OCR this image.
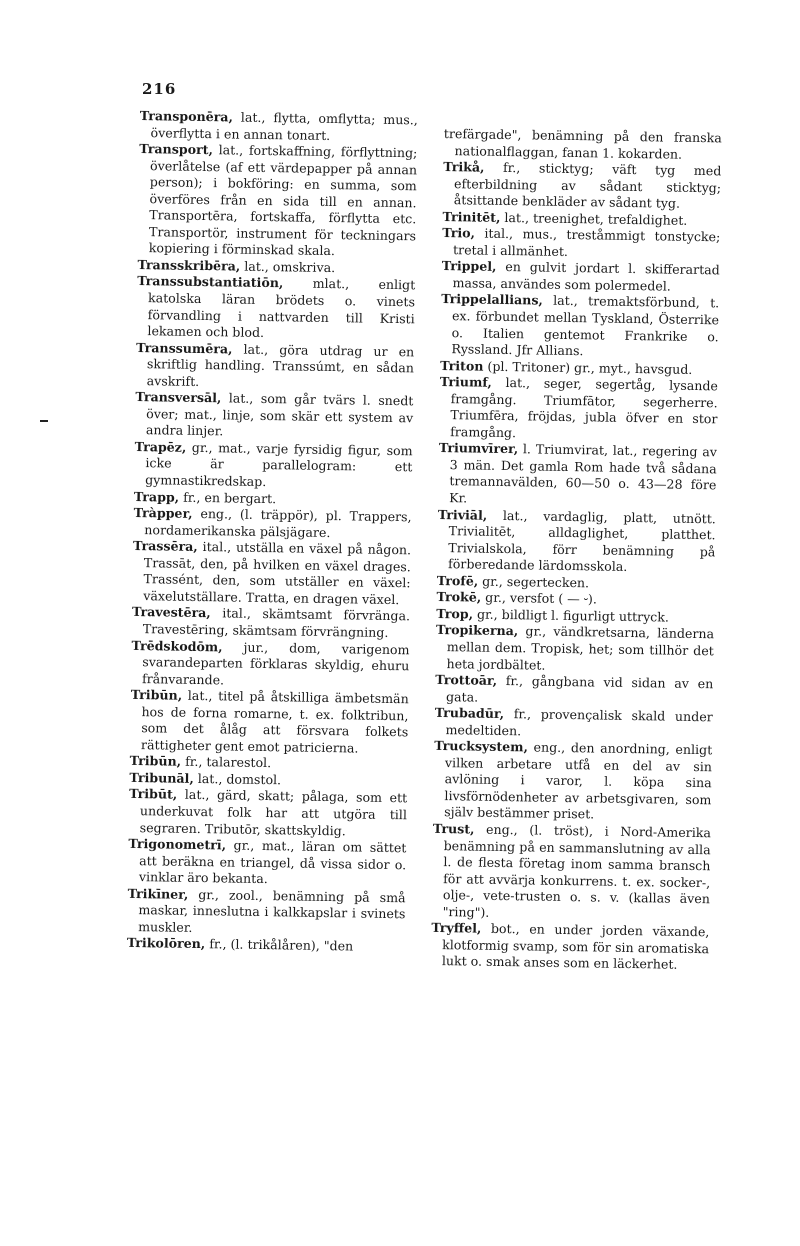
216

Transponēra, lat., flytta, omflytta; mus., överflytta i en annan tonart.

Transport, lat., fortskaffning, förflyttning; överlåtelse (af ett värdepapper på annan person); i bokföring: en summa, som överföres från en sida till en annan. Transportēra, fortskaffa, förflytta etc. Transportör, instrument för teckningars kopiering i förminskad skala.

Transskribēra, lat., omskriva.

Transsubstantiatiōn, mlat., enligt katolska läran brödets o. vinets förvandling i nattvarden till Kristi lekamen och blod.

Transsumēra, lat., göra utdrag ur en skriftlig handling. Transsúmt, en sådan avskrift.

Transversāl, lat., som går tvärs l. snedt över; mat., linje, som skär ett system av andra linjer.

Trapēz, gr., mat., varje fyrsidig figur, som icke är parallelogram: ett gymnastikredskap.

Trapp, fr., en bergart.

Tràpper, eng., (l. träppör), pl. Trappers, nordamerikanska pälsjägare.

Trassēra, ital., utställa en växel på någon. Trassāt, den, på hvilken en växel drages. Trassént, den, som utställer en växel: växelutställare. Tratta, en dragen växel.

Travestēra, ital., skämtsamt förvränga. Travestēring, skämtsam förvrängning.

Trēdskodōm, jur., dom, varigenom svarandeparten förklaras skyldig, ehuru frånvarande.

Tribūn, lat., titel på åtskilliga ämbetsmän hos de forna romarne, t. ex. folktribun, som det ålåg att försvara folkets rättigheter gent emot patricierna.

Tribūn, fr., talarestol.

Tribunāl, lat., domstol.

Tribūt, lat., gärd, skatt; pålaga, som ett underkuvat folk har att utgöra till segraren. Tributōr, skattskyldig.

Trigonometrī, gr., mat., läran om sättet att beräkna en triangel, då vissa sidor o. vinklar äro bekanta.

Trikīner, gr., zool., benämning på små maskar, inneslutna i kalkkapslar i svinets muskler.

Trikolōren, fr., (l. trikålåren), "den

trefärgade", benämning på den franska nationalflaggan, fanan 1. kokarden.

Trikå, fr., sticktyg; väft tyg med efterbildning av sådant sticktyg; åtsittande benkläder av sådant tyg.

Trinitēt, lat., treenighet, trefaldighet.

Trio, ital., mus., treståmmigt tonstycke; tretal i allmänhet.

Trippel, en gulvit jordart l. skifferartad massa, användes som polermedel.

Trippelallians, lat., tremaktsförbund, t. ex. förbundet mellan Tyskland, Österrike o. Italien gentemot Frankrike o. Ryssland. Jfr Allians.

Triton (pl. Tritoner) gr., myt., havsgud.

Triumf, lat., seger, segertåg, lysande framgång. Triumfātor, segerherre. Triumfēra, fröjdas, jubla öfver en stor framgång.

Triumvīrer, l. Triumvirat, lat., regering av 3 män. Det gamla Rom hade två sådana tremannavälden, 60—50 o. 43—28 före Kr.

Triviāl, lat., vardaglig, platt, utnött. Trivialitēt, alldaglighet, platthet. Trivialskola, förr benämning på förberedande lärdomsskola.

Trofē, gr., segertecken.

Trokē, gr., versfot ( — ⏑).

Trop, gr., bildligt l. figurligt uttryck.

Tropikerna, gr., vändkretsarna, länderna mellan dem. Tropisk, het; som tillhör det heta jordbältet.

Trottoār, fr., gångbana vid sidan av en gata.

Trubadūr, fr., provençalisk skald under medeltiden.

Trucksystem, eng., den anordning, enligt vilken arbetare utfå en del av sin avlöning i varor, l. köpa sina livsförnödenheter av arbetsgivaren, som själv bestämmer priset.

Trust, eng., (l. tröst), i Nord-Amerika benämning på en sammanslutning av alla l. de flesta företag inom samma bransch för att avvärja konkurrens. t. ex. socker-, olje-, vete-trusten o. s. v. (kallas även "ring").

Tryffel, bot., en under jorden växande, klotformig svamp, som för sin aromatiska lukt o. smak anses som en läckerhet.
